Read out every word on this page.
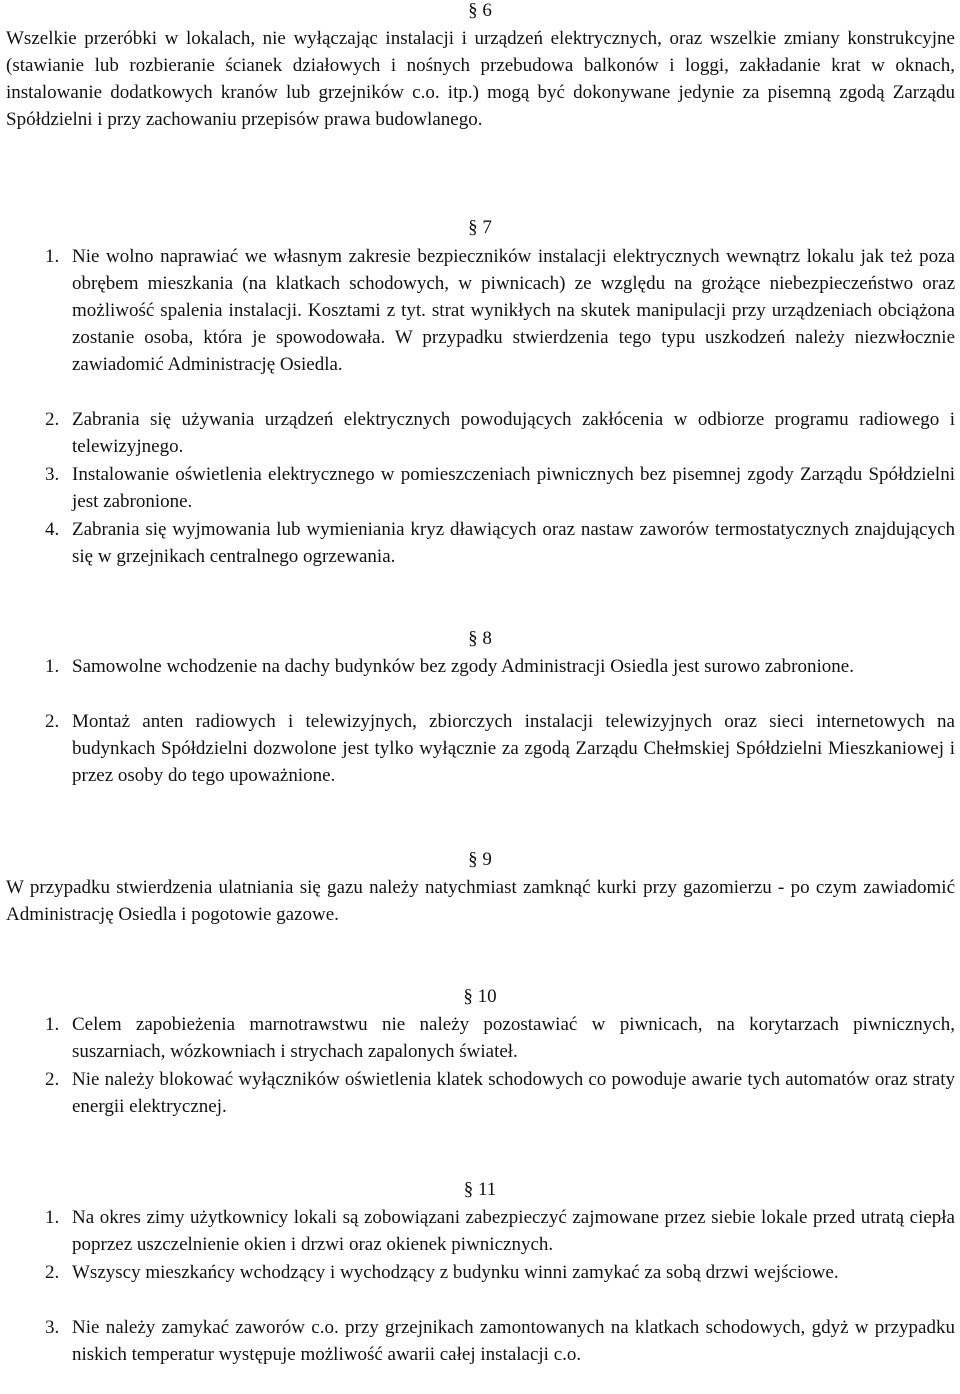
§ 6

Wszelkie przeróbki w lokalach, nie wyłączając instalacji i urządzeń elektrycznych, oraz wszelkie zmiany konstrukcyjne (stawianie lub rozbieranie ścianek działowych i nośnych przebudowa balkonów i loggi, zakładanie krat w oknach, instalowanie dodatkowych kranów lub grzejników c.o. itp.) mogą być dokonywane jedynie za pisemną zgodą Zarządu Spółdzielni i przy zachowaniu przepisów prawa budowlanego.

§ 7
1. Nie wolno naprawiać we własnym zakresie bezpieczników instalacji elektrycznych wewnątrz lokalu jak też poza obrębem mieszkania (na klatkach schodowych, w piwnicach) ze względu na grożące niebezpieczeństwo oraz możliwość spalenia instalacji. Kosztami z tyt. strat wynikłych na skutek manipulacji przy urządzeniach obciążona zostanie osoba, która je spowodowała. W przypadku stwierdzenia tego typu uszkodzeń należy niezwłocznie zawiadomić Administrację Osiedla.
2. Zabrania się używania urządzeń elektrycznych powodujących zakłócenia w odbiorze programu radiowego i telewizyjnego.
3. Instalowanie oświetlenia elektrycznego w pomieszczeniach piwnicznych bez pisemnej zgody Zarządu Spółdzielni jest zabronione.
4. Zabrania się wyjmowania lub wymieniania kryz dławiących oraz nastaw zaworów termostatycznych znajdujących się w grzejnikach centralnego ogrzewania.
§ 8
1. Samowolne wchodzenie na dachy budynków bez zgody Administracji Osiedla jest surowo zabronione.
2. Montaż anten radiowych i telewizyjnych, zbiorczych instalacji telewizyjnych oraz sieci internetowych na budynkach Spółdzielni dozwolone jest tylko wyłącznie za zgodą Zarządu Chełmskiej Spółdzielni Mieszkaniowej i przez osoby do tego upoważnione.
§ 9

W przypadku stwierdzenia ulatniania się gazu należy natychmiast zamknąć kurki przy gazomierzu - po czym zawiadomić Administrację Osiedla i pogotowie gazowe.

§ 10
1. Celem zapobieżenia marnotrawstwu nie należy pozostawiać w piwnicach, na korytarzach piwnicznych, suszarniach, wózkowniach i strychach zapalonych świateł.
2. Nie należy blokować wyłączników oświetlenia klatek schodowych co powoduje awarie tych automatów oraz straty energii elektrycznej.
§ 11
1. Na okres zimy użytkownicy lokali są zobowiązani zabezpieczyć zajmowane przez siebie lokale przed utratą ciepła poprzez uszczelnienie okien i drzwi oraz okienek piwnicznych.
2. Wszyscy mieszkańcy wchodzący i wychodzący z budynku winni zamykać za sobą drzwi wejściowe.
3. Nie należy zamykać zaworów c.o. przy grzejnikach zamontowanych na klatkach schodowych, gdyż w przypadku niskich temperatur występuje możliwość awarii całej instalacji c.o.
